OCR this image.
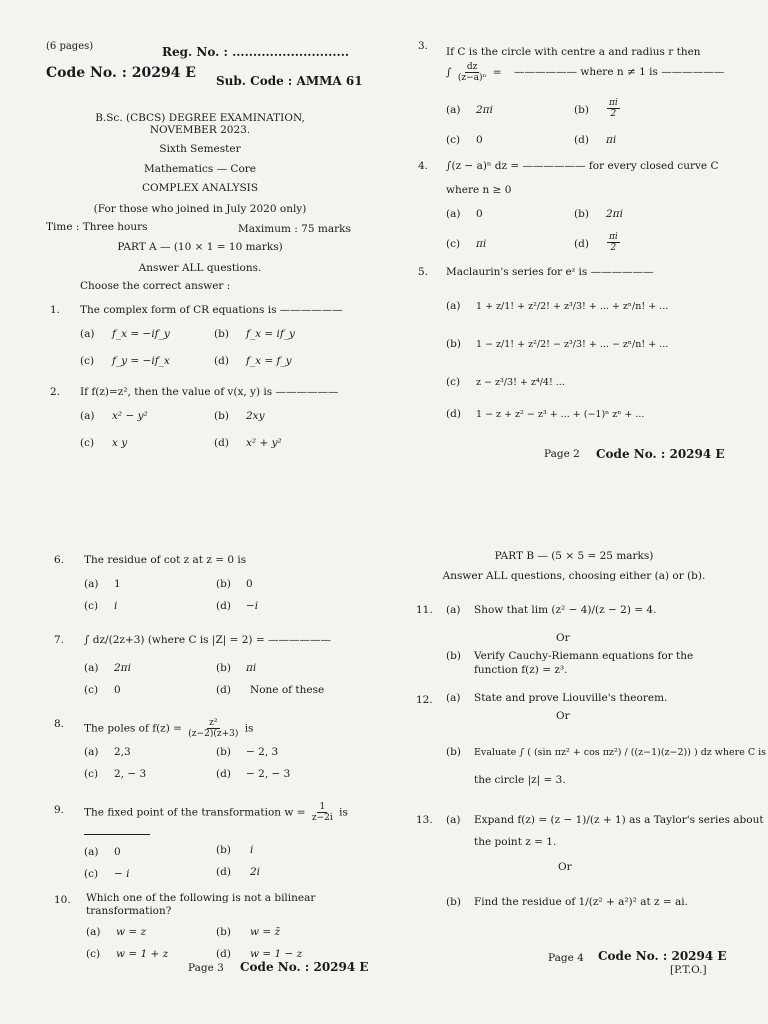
(6 pages)	Reg. No. : ............................
Code No. : 20294 E Sub. Code : AMMA 61
B.Sc. (CBCS) DEGREE EXAMINATION,
NOVEMBER 2023.
Sixth Semester
Mathematics — Core
COMPLEX ANALYSIS
(For those who joined in July 2020 only)
Time : Three hours	Maximum : 75 marks
PART A — (10 × 1 = 10 marks)
Answer ALL questions.
Choose the correct answer :
1. The complex form of CR equations is ——————
(a) f_x = −if_y	(b) f_x = if_y
(c) f_y = −if_x	(d) f_x = f_y
2. If f(z)=z², then the value of v(x, y) is ——————
(a) x² − y²	(b) 2xy
(c) x y	(d) x² + y²
3. If C is the circle with centre a and radius r then
∫ $\frac{dz}{\text{(z−a)ⁿ}}$ = —————— where n ≠ 1 is ——————
(a) 2πi	$(b) \frac{\pi i}{2}$
(c) 0	(d) πi
4. ∫(z − a)ⁿ dz = —————— for every closed curve C
where n ≥ 0
(a) 0	(b) 2πi
(c) πi	$(d) \frac{\pi i}{2}$
5. Maclaurin's series for eᶻ is ——————
(a) 1 + z/1! + z²/2! + z³/3! + ... + zⁿ/n! + ...
(b) 1 − z/1! + z²/2! − z³/3! + ... − zⁿ/n! + ...
(c) z − z³/3! + z⁴/4! ...
(d) 1 − z + z² − z³ + ... + (−1)ⁿ zⁿ + ...
Page 2 Code No. : 20294 E
6. The residue of cot z at z = 0 is
(a) 1	(b) 0
(c) i	(d) −i
7. ∫ dz/(2z+3) (where C is |Z| = 2) = ——————
(a) 2πi	(b) πi
(c) 0	(d) None of these
8. The poles of $f(z) = \frac{\text{z²}}{(z-2)(z+3)}$ is
(a) 2,3	(b) − 2, 3
(c) 2, − 3	(d) − 2, − 3
9. The fixed point of the transformation $w = \frac{1}{z-2i}$ is
(a) 0	(b) i
(c) − i	(d) 2i
10. Which one of the following is not a bilinear
transformation?
(a) w = z	(b) w = z̄
(c) w = 1 + z	(d) w = 1 − z
Page 3 Code No. : 20294 E
PART B — (5 × 5 = 25 marks)
Answer ALL questions, choosing either (a) or (b).
11. (a) Show that lim (z² − 4)/(z − 2) = 4.
Or
(b) Verify Cauchy-Riemann equations for the
function f(z) = z³.
12. (a) State and prove Liouville's theorem.
Or
(b) Evaluate ∫ ( (sin πz² + cos πz²) / ((z−1)(z−2)) ) dz where C is
the circle |z| = 3.
13. (a) Expand f(z) = (z − 1)/(z + 1) as a Taylor's series about
the point z = 1.
Or
(b) Find the residue of 1/(z² + a²)² at z = ai.
Page 4 Code No. : 20294 E
[P.T.O.]
